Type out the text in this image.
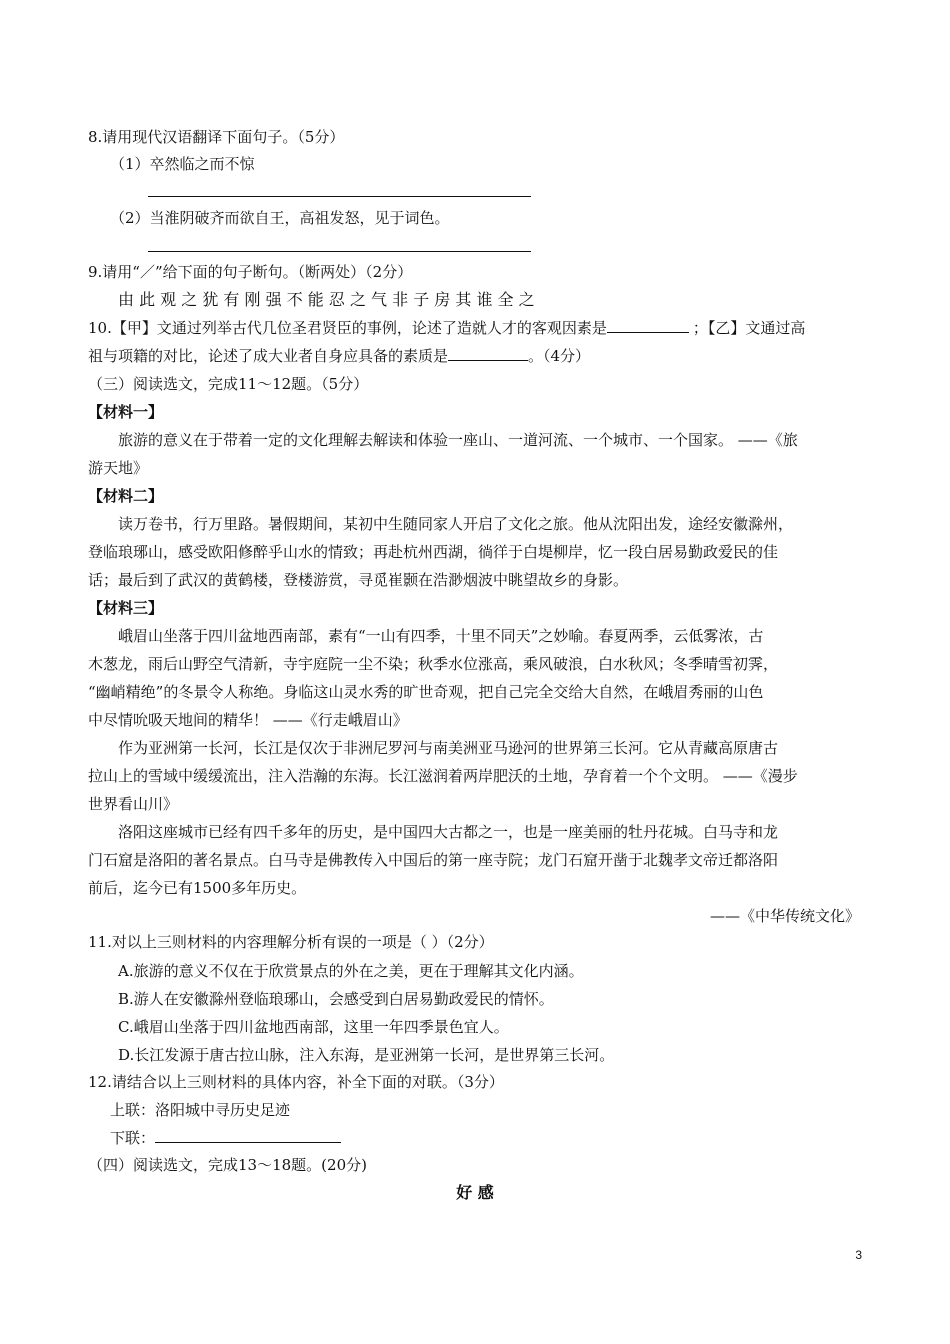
8.请用现代汉语翻译下面句子。（5分）
（1）卒然临之而不惊
（2）当淮阴破齐而欲自王，高祖发怒，见于词色。
9.请用“／”给下面的句子断句。（断两处）（2分）
由 此 观 之 犹 有 刚 强 不 能 忍 之 气 非 子 房 其 谁 全 之
10.【甲】文通过列举古代几位圣君贤臣的事例，论述了造就人才的客观因素是	；【乙】文通过高
祖与项籍的对比，论述了成大业者自身应具备的素质是	。（4分）
（三）阅读选文，完成11～12题。（5分）
【材料一】
旅游的意义在于带着一定的文化理解去解读和体验一座山、一道河流、一个城市、一个国家。 ——《旅
游天地》
【材料二】
读万卷书，行万里路。暑假期间，某初中生随同家人开启了文化之旅。他从沈阳出发，途经安徽滁州，
登临琅琊山，感受欧阳修醉乎山水的情致；再赴杭州西湖，徜徉于白堤柳岸，忆一段白居易勤政爱民的佳
话；最后到了武汉的黄鹤楼，登楼游赏，寻觅崔颢在浩渺烟波中眺望故乡的身影。
【材料三】
峨眉山坐落于四川盆地西南部，素有“一山有四季，十里不同天”之妙喻。春夏两季，云低雾浓，古
木葱龙，雨后山野空气清新，寺宇庭院一尘不染；秋季水位涨高，乘风破浪，白水秋风；冬季晴雪初霁，
“幽峭精绝”的冬景令人称绝。身临这山灵水秀的旷世奇观，把自己完全交给大自然，在峨眉秀丽的山色
中尽情吮吸天地间的精华！ ——《行走峨眉山》
作为亚洲第一长河，长江是仅次于非洲尼罗河与南美洲亚马逊河的世界第三长河。它从青藏高原唐古
拉山上的雪域中缓缓流出，注入浩瀚的东海。长江滋润着两岸肥沃的土地，孕育着一个个文明。 ——《漫步
世界看山川》
洛阳这座城市已经有四千多年的历史，是中国四大古都之一，也是一座美丽的牡丹花城。白马寺和龙
门石窟是洛阳的著名景点。白马寺是佛教传入中国后的第一座寺院；龙门石窟开凿于北魏孝文帝迁都洛阳
前后，迄今已有1500多年历史。
——《中华传统文化》
11.对以上三则材料的内容理解分析有误的一项是（ ）（2分）
A.旅游的意义不仅在于欣赏景点的外在之美，更在于理解其文化内涵。
B.游人在安徽滁州登临琅琊山，会感受到白居易勤政爱民的情怀。
C.峨眉山坐落于四川盆地西南部，这里一年四季景色宜人。
D.长江发源于唐古拉山脉，注入东海，是亚洲第一长河，是世界第三长河。
12.请结合以上三则材料的具体内容，补全下面的对联。（3分）
上联：洛阳城中寻历史足迹
下联：
（四）阅读选文，完成13～18题。(20分)
好 感
3
